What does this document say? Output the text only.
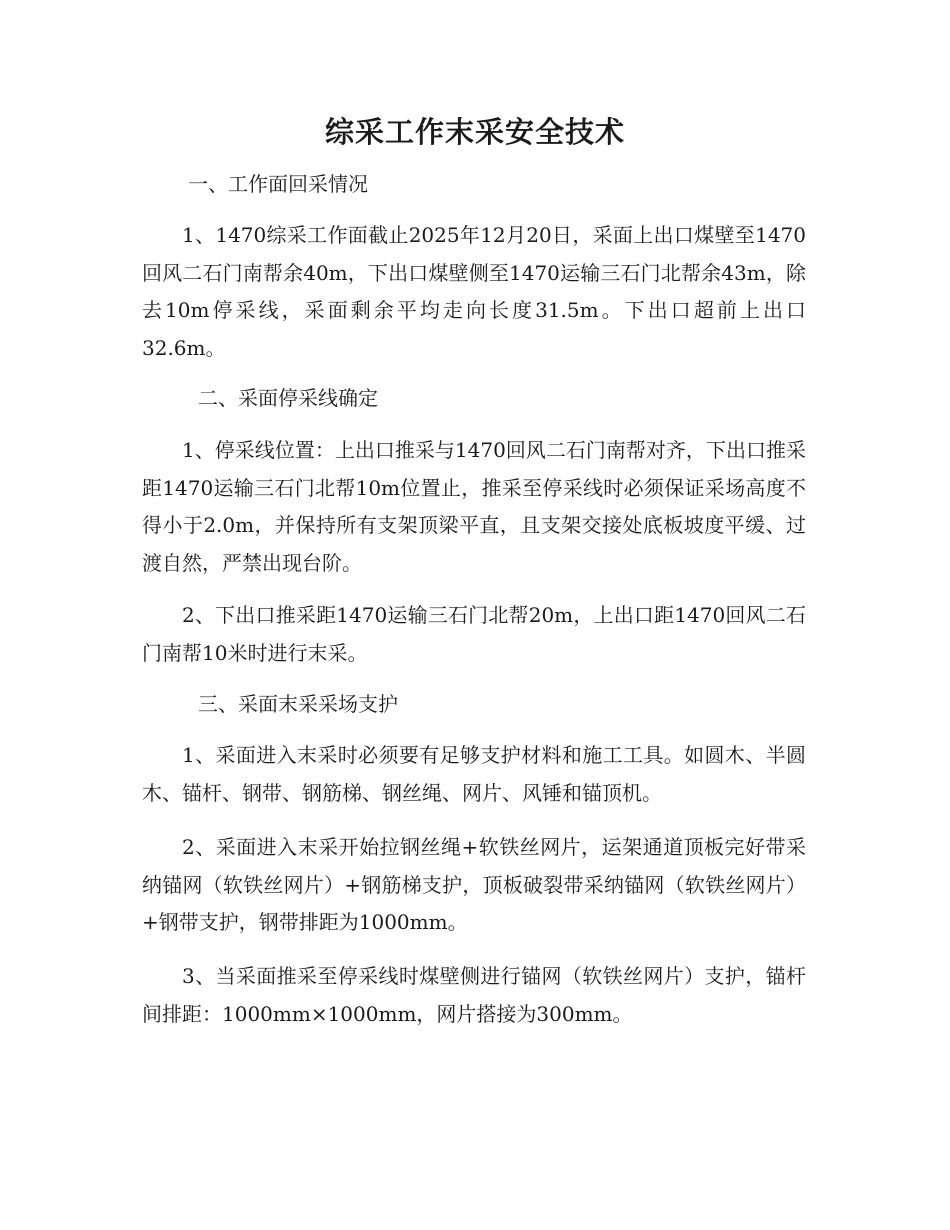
综采工作末采安全技术

一、工作面回采情况

1、1470综采工作面截止2025年12月20日，采面上出口煤壁至1470回风二石门南帮余40m，下出口煤壁侧至1470运输三石门北帮余43m，除去10m停采线，采面剩余平均走向长度31.5m。下出口超前上出口32.6m。

二、采面停采线确定

1、停采线位置：上出口推采与1470回风二石门南帮对齐，下出口推采距1470运输三石门北帮10m位置止，推采至停采线时必须保证采场高度不得小于2.0m，并保持所有支架顶梁平直，且支架交接处底板坡度平缓、过渡自然，严禁出现台阶。

2、下出口推采距1470运输三石门北帮20m，上出口距1470回风二石门南帮10米时进行末采。

三、采面末采采场支护

1、采面进入末采时必须要有足够支护材料和施工工具。如圆木、半圆木、锚杆、钢带、钢筋梯、钢丝绳、网片、风锤和锚顶机。

2、采面进入末采开始拉钢丝绳+软铁丝网片，运架通道顶板完好带采纳锚网（软铁丝网片）+钢筋梯支护，顶板破裂带采纳锚网（软铁丝网片）+钢带支护，钢带排距为1000mm。

3、当采面推采至停采线时煤壁侧进行锚网（软铁丝网片）支护，锚杆间排距：1000mm×1000mm，网片搭接为300mm。
